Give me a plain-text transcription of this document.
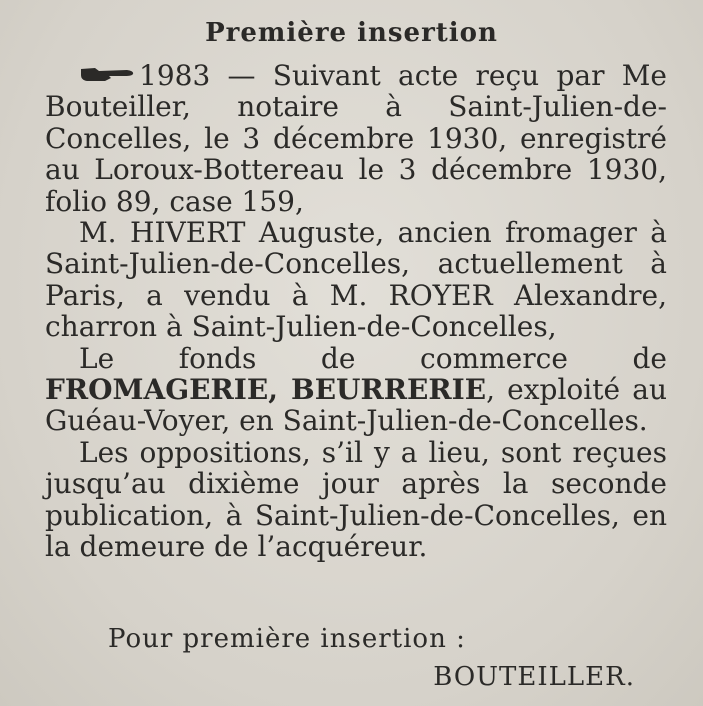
Première insertion

1983 — Suivant acte reçu par Me Bouteiller, notaire à Saint-Julien-de-Concelles, le 3 décembre 1930, enregistré au Loroux-Bottereau le 3 décembre 1930, folio 89, case 159,

M. HIVERT Auguste, ancien fromager à Saint-Julien-de-Concelles, actuellement à Paris, a vendu à M. ROYER Alexandre, charron à Saint-Julien-de-Concelles,

Le fonds de commerce de FROMAGERIE, BEURRERIE, exploité au Guéau-Voyer, en Saint-Julien-de-Concelles.

Les oppositions, s’il y a lieu, sont reçues jusqu’au dixième jour après la seconde publication, à Saint-Julien-de-Concelles, en la demeure de l’acquéreur.

Pour première insertion :
BOUTEILLER.
